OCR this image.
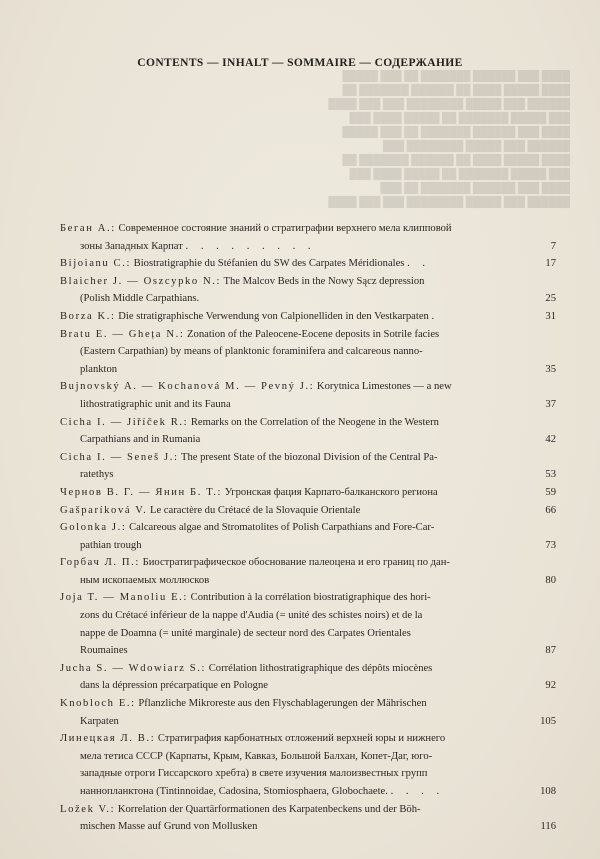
████ ███ ██████ ███████ ██ ███ █████
████ █████ ████ ██ ██████ ███████ ██
██████ ███ █████ ████████ ███ ███ ████
███ █████ ███████ ██ █████ ████ ███
████ ███ ██████ ███████ ██ ███ █████
██████ ███ █████ ████████ ███
████ █████ ████ ██ ██████ ███████ ██
███ █████ ███████ ██ █████ ████ ███
████ ███ ██████ ███████ ██ ███
██████ ███ █████ ████████ ███ ███ ████
CONTENTS — INHALT — SOMMAIRE — СОДЕРЖАНИЕ
Беган А.: Современное состояние знаний о стратиграфии верхнего мела клипповой
зоны Западных Карпат . . . . . . . . .	7
Bijoianu C.: Biostratigraphie du Stéfanien du SW des Carpates Méridionales . .	17
Blaicher J. — Oszcypko N.: The Malcov Beds in the Nowy Sącz depression
(Polish Middle Carpathians.	25
Borza K.: Die stratigraphische Verwendung von Calpionelliden in den Vestkarpaten .	31
Bratu E. — Gheța N.: Zonation of the Paleocene-Eocene deposits in Sotrile facies
(Eastern Carpathian) by means of planktonic foraminifera and calcareous nanno-
plankton	35
Bujnovský A. — Kochanová M. — Pevný J.: Korytnica Limestones — a new
lithostratigraphic unit and its Fauna	37
Cicha I. — Jiříček R.: Remarks on the Correlation of the Neogene in the Western
Carpathians and in Rumania	42
Cicha I. — Seneš J.: The present State of the biozonal Division of the Central Pa-
ratethys	53
Чернов В. Г. — Янин Б. Т.: Угронская фация Карпато-балканского региона	59
Gašparíková V. Le caractère du Crétacé de la Slovaquie Orientale	66
Golonka J.: Calcareous algae and Stromatolites of Polish Carpathians and Fore-Car-
pathian trough	73
Горбач Л. П.: Биостратиграфическое обоснование палеоцена и его границ по дан-
ным ископаемых моллюсков	80
Joja T. — Manoliu E.: Contribution à la corrélation biostratigraphique des hori-
zons du Crétacé inférieur de la nappe d'Audia (= unité des schistes noirs) et de la
nappe de Doamna (= unité marginale) de secteur nord des Carpates Orientales
Roumaines	87
Jucha S. — Wdowiarz S.: Corrélation lithostratigraphique des dépôts miocènes
dans la dépression précarpatique en Pologne	92
Knobloch E.: Pflanzliche Mikroreste aus den Flyschablagerungen der Mährischen
Karpaten	105
Линецкая Л. В.: Стратиграфия карбонатных отложений верхней юры и нижнего
мела тетиса СССР (Карпаты, Крым, Кавказ, Большой Балхан, Копет-Даг, юго-
западные отроги Гиссарского хребта) в свете изучения малоизвестных групп
наннопланктона (Tintinnoidae, Cadosina, Stomiosphaera, Globochaete. . . . .	108
Ložek V.: Korrelation der Quartärformationen des Karpatenbeckens und der Böh-
mischen Masse auf Grund von Mollusken	116
